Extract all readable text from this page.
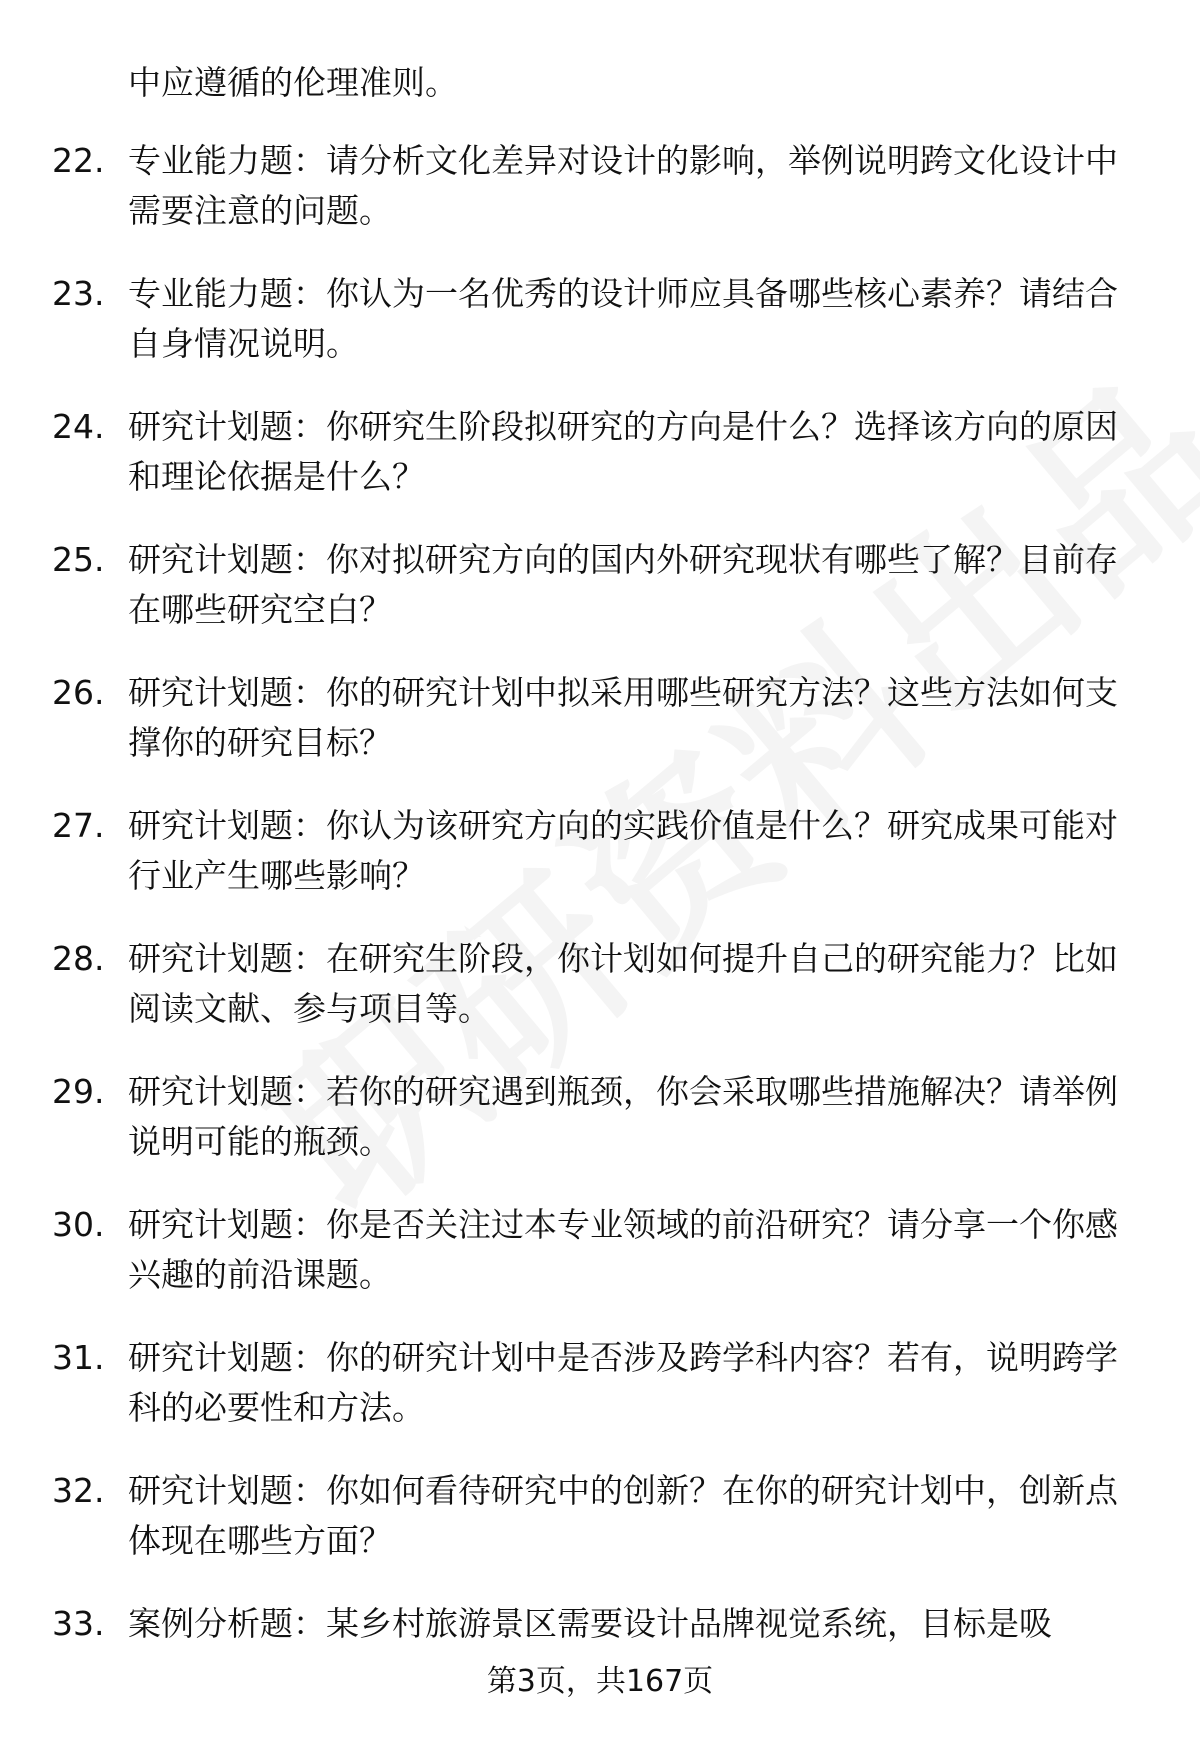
中应遵循的伦理准则。

22. 专业能力题：请分析文化差异对设计的影响，举例说明跨文化设计中需要注意的问题。
23. 专业能力题：你认为一名优秀的设计师应具备哪些核心素养？请结合自身情况说明。
24. 研究计划题：你研究生阶段拟研究的方向是什么？选择该方向的原因和理论依据是什么？
25. 研究计划题：你对拟研究方向的国内外研究现状有哪些了解？目前存在哪些研究空白？
26. 研究计划题：你的研究计划中拟采用哪些研究方法？这些方法如何支撑你的研究目标？
27. 研究计划题：你认为该研究方向的实践价值是什么？研究成果可能对行业产生哪些影响？
28. 研究计划题：在研究生阶段，你计划如何提升自己的研究能力？比如阅读文献、参与项目等。
29. 研究计划题：若你的研究遇到瓶颈，你会采取哪些措施解决？请举例说明可能的瓶颈。
30. 研究计划题：你是否关注过本专业领域的前沿研究？请分享一个你感兴趣的前沿课题。
31. 研究计划题：你的研究计划中是否涉及跨学科内容？若有，说明跨学科的必要性和方法。
32. 研究计划题：你如何看待研究中的创新？在你的研究计划中，创新点体现在哪些方面？
33. 案例分析题：某乡村旅游景区需要设计品牌视觉系统，目标是吸
第3页，共167页
